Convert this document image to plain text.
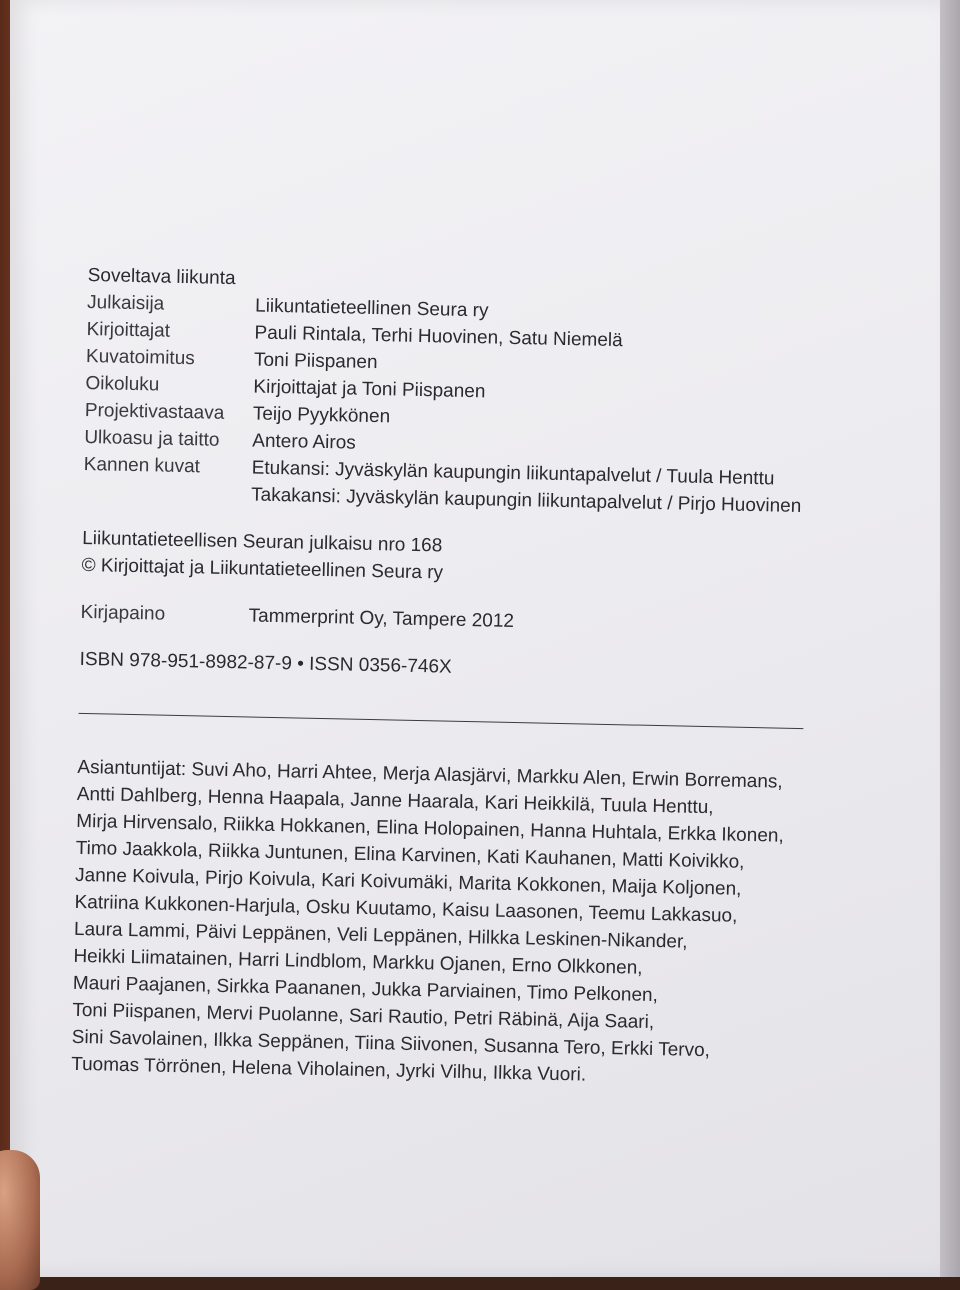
Soveltava liikunta
Julkaisija	Liikuntatieteellinen Seura ry
Kirjoittajat	Pauli Rintala, Terhi Huovinen, Satu Niemelä
Kuvatoimitus	Toni Piispanen
Oikoluku	Kirjoittajat ja Toni Piispanen
Projektivastaava	Teijo Pyykkönen
Ulkoasu ja taitto	Antero Airos
Kannen kuvat	Etukansi: Jyväskylän kaupungin liikuntapalvelut / Tuula Henttu
Takakansi: Jyväskylän kaupungin liikuntapalvelut / Pirjo Huovinen
Liikuntatieteellisen Seuran julkaisu nro 168
© Kirjoittajat ja Liikuntatieteellinen Seura ry
Kirjapaino	Tammerprint Oy, Tampere 2012
ISBN 978-951-8982-87-9 • ISSN 0356-746X
Asiantuntijat: Suvi Aho, Harri Ahtee, Merja Alasjärvi, Markku Alen, Erwin Borremans,
Antti Dahlberg, Henna Haapala, Janne Haarala, Kari Heikkilä, Tuula Henttu,
Mirja Hirvensalo, Riikka Hokkanen, Elina Holopainen, Hanna Huhtala, Erkka Ikonen,
Timo Jaakkola, Riikka Juntunen, Elina Karvinen, Kati Kauhanen, Matti Koivikko,
Janne Koivula, Pirjo Koivula, Kari Koivumäki, Marita Kokkonen, Maija Koljonen,
Katriina Kukkonen-Harjula, Osku Kuutamo, Kaisu Laasonen, Teemu Lakkasuo,
Laura Lammi, Päivi Leppänen, Veli Leppänen, Hilkka Leskinen-Nikander,
Heikki Liimatainen, Harri Lindblom, Markku Ojanen, Erno Olkkonen,
Mauri Paajanen, Sirkka Paananen, Jukka Parviainen, Timo Pelkonen,
Toni Piispanen, Mervi Puolanne, Sari Rautio, Petri Räbinä, Aija Saari,
Sini Savolainen, Ilkka Seppänen, Tiina Siivonen, Susanna Tero, Erkki Tervo,
Tuomas Törrönen, Helena Viholainen, Jyrki Vilhu, Ilkka Vuori.
